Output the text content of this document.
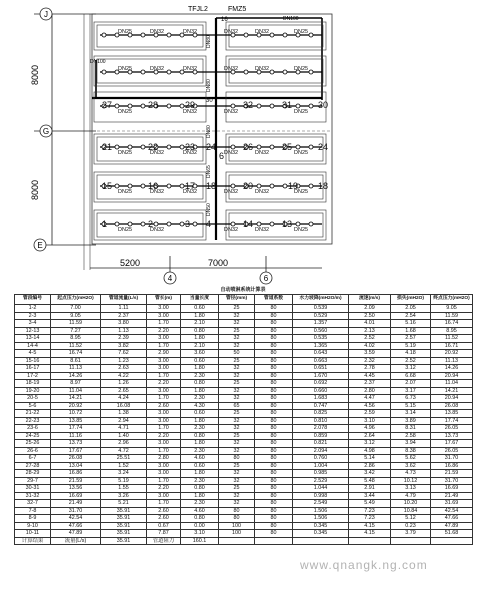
J
G
E
4	6
8000
8000
5200	7000
TFJL2	FMZ5
16	DN100
DN100
DN25	DN32	DN32	DN32	DN32	DN25
DN25	DN32	DN32	DN32	DN32	DN25
DN25	DN32	DN32	DN25
DN25	DN32	DN32	DN32	DN32	DN25
DN25	DN32	DN32	DN32	DN32	DN25
DN25	DN32	DN32	DN32	DN25
DN80
DN80
DN80
DN65
DN50
27	28	29 30	32	31	30
21	22	23 24	26	25	24
6
15	16	17 18	20	19 18
1	2	3 4	14	13
自动喷淋系统计算表
管段编号	起点压力(mH2O)	管道流量(L/s)	管长(m)	当量长度	管径(mm)	管道系数	水力坡降(mH2O/m)	流速(m/s)	损失(mH2O)	终点压力(mH2O)
1-2	7.00	1.11	3.00	0.60	25	80	0.539	2.09	2.05	9.05
2-3	9.05	2.37	3.00	1.80	32	80	0.529	2.50	2.54	11.59
3-4	11.59	3.80	1.70	2.10	32	80	1.357	4.01	5.16	16.74
12-13	7.27	1.13	2.20	0.80	25	80	0.560	2.13	1.68	8.95
13-14	8.95	2.39	3.00	1.80	32	80	0.535	2.52	2.57	11.52
14-4	11.52	3.82	1.70	2.10	32	80	1.365	4.02	5.19	16.71
4-5	16.74	7.62	2.90	3.60	50	80	0.643	3.59	4.18	20.92
15-16	8.61	1.23	3.00	0.60	25	80	0.663	2.32	2.52	11.13
16-17	11.13	2.63	3.00	1.80	32	80	0.651	2.78	3.12	14.26
17-2	14.26	4.22	1.70	2.30	32	80	1.670	4.45	6.68	20.94
18-19	8.97	1.26	2.20	0.80	25	80	0.692	2.37	2.07	11.04
19-20	11.04	2.65	3.00	1.80	32	80	0.660	2.80	3.17	14.21
20-5	14.21	4.24	1.70	2.30	32	80	1.683	4.47	6.73	20.94
5-6	20.92	16.08	2.60	4.30	65	80	0.747	4.56	5.15	26.08
21-22	10.72	1.38	3.00	0.60	25	80	0.825	2.59	3.14	13.85
22-23	13.85	2.94	3.00	1.80	32	80	0.810	3.10	3.89	17.74
23-6	17.74	4.71	1.70	2.30	32	80	2.078	4.96	8.31	26.05
24-25	11.16	1.40	2.20	0.80	25	80	0.859	2.64	2.58	13.73
25-26	13.73	2.96	3.00	1.80	32	80	0.821	3.12	3.94	17.67
26-6	17.67	4.72	1.70	2.30	32	80	2.094	4.98	8.38	26.05
6-7	26.08	25.51	2.80	4.60	80	80	0.760	5.14	5.62	31.70
27-28	13.04	1.52	3.00	0.60	25	80	1.004	2.86	3.62	16.86
28-29	16.86	3.24	3.00	1.80	32	80	0.985	3.42	4.73	21.59
29-7	21.59	5.19	1.70	2.30	32	80	2.529	5.48	10.12	31.70
30-31	13.56	1.55	2.20	0.80	25	80	1.044	2.91	3.13	16.69
31-32	16.69	3.26	3.00	1.80	32	80	0.998	3.44	4.79	21.49
32-7	21.49	5.21	1.70	2.30	32	80	2.549	5.49	10.20	31.69
7-8	31.70	35.91	2.60	4.60	80	80	1.506	7.23	10.84	42.54
8-9	42.54	35.91	2.60	0.80	80	80	1.506	7.23	5.12	47.66
9-10	47.66	35.91	0.67	0.00	100	80	0.345	4.15	0.23	47.89
10-11	47.89	35.91	7.87	3.10	100	80	0.345	4.15	3.79	51.68
计算结果	流量(L/s)	35.91	管道阻力	160.1						
www.qnangk.ng.com
